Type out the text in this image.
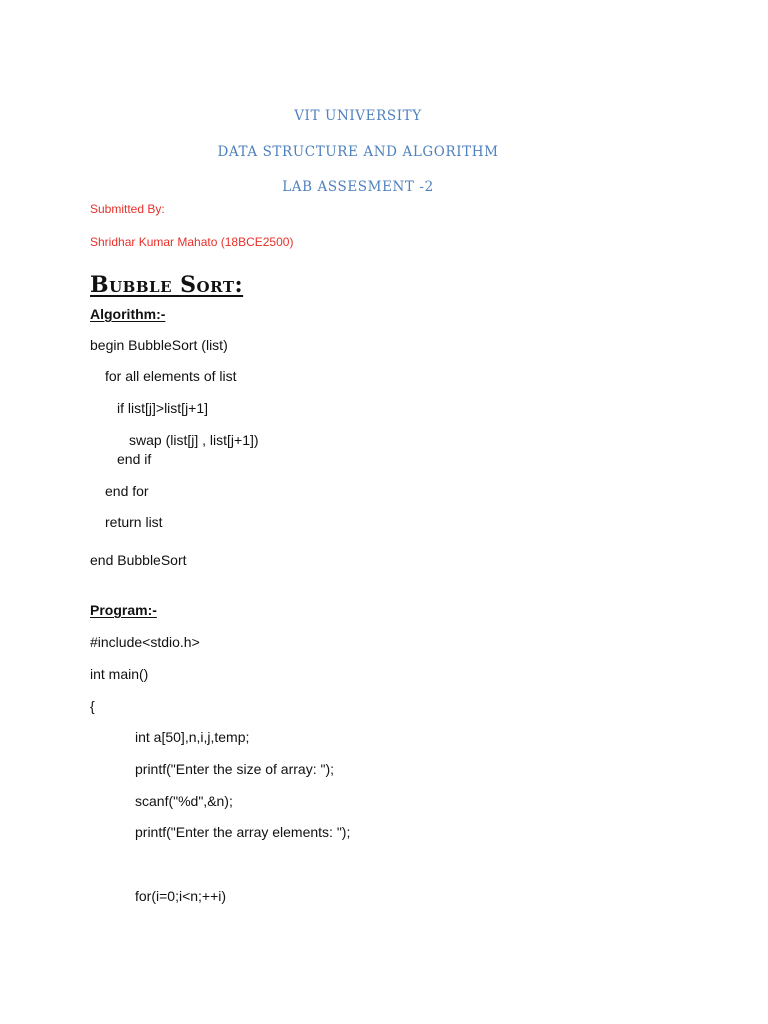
VIT UNIVERSITY
DATA STRUCTURE AND ALGORITHM
LAB ASSESMENT -2
Submitted By:
Shridhar Kumar Mahato (18BCE2500)
Bubble Sort:
Algorithm:-
begin BubbleSort (list)
for all elements of list
if list[j]>list[j+1]
swap (list[j] , list[j+1])
end if
end for
return list
end BubbleSort
Program:-
#include<stdio.h>
int main()
{
int a[50],n,i,j,temp;
printf("Enter the size of array: ");
scanf("%d",&n);
printf("Enter the array elements: ");
for(i=0;i<n;++i)
